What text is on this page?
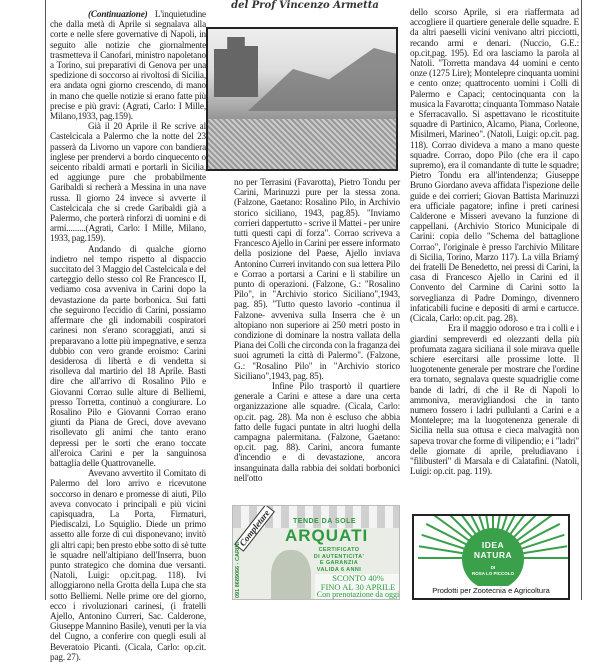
del Prof Vincenzo Armetta

(Continuazione) L'inquietudine che dalla metà di Aprile si segnalava alla corte e nelle sfere governative di Napoli, in seguito alle notizie che giornalmente trasmetteva il Canofari, ministro napoletano a Torino, sui preparativi di Genova per una spedizione di soccorso ai rivoltosi di Sicilia, era andata ogni giorno crescendo, di mano in mano che quelle notizie si erano fatte più precise e più gravi: (Agrati, Carlo: I Mille, Milano,1933, pag.159).

Già il 20 Aprile il Re scrive al Castelcicala a Palermo che la notte del 23 passerà da Livorno un vapore con bandiera inglese per prendervi a bordo cinquecento o seicento ribaldi armati e portarli in Sicilia, ed aggiunge pure che probabilmente Garibaldi si recherà a Messina in una nave russa. Il giorno 24 invece si avverte il Castelcicala che si crede Garibaldi già a Palermo, che porterà rinforzi di uomini e di armi.........(Agrati, Carlo: I Mille, Milano, 1933, pag.159).

Andando di qualche giorno indietro nel tempo rispetto al dispaccio succitato del 3 Maggio del Castelcicala e del carteggio dello stesso col Re Francesco II, vediamo cosa avveniva in Carini dopo la devastazione da parte borbonica. Sui fatti che seguirono l'eccidio di Carini, possiamo affermare che gli indomabili cospiratori carinesi non s'erano scoraggiati, anzi si preparavano a lotte più impegnative, e senza dubbio con vero grande eroismo: Carini desiderosa di libertà e di vendetta si risolleva dal martirio del 18 Aprile. Basti dire che all'arrivo di Rosalino Pilo e Giovanni Corrao sulle alture di Belliemi, presso Torretta, continuò a congiurare. Lo Rosalino Pilo e Giovanni Corrao erano giunti da Piana de Greci, dove avevano risollevato gli animi che tanto erano depressi per le sorti che erano toccate all'eroica Carini e per la sanguinosa battaglia delle Quattrovanelle.

Avevano avvertito il Comitato di Palermo del loro arrivo e ricevutone soccorso in denaro e promesse di aiuti, Pilo aveva convocato i principali e più vicini capisquadra, La Porta, Firmaturi, Piediscalzi, Lo Squiglio. Diede un primo assetto alle forze di cui disponevano; invitò gli altri capi; ben presto ebbe sotto di sè tutte le squadre nell'altipiano dell'Inserra, buon punto strategico che domina due versanti. (Natoli, Luigi: op.cit.pag. 118). Ivi alloggiarono nella Grotta della Lupa che sta sotto Belliemi. Nelle prime ore del giorno, ecco i rivoluzionari carinesi, (i fratelli Ajello, Antonino Curreri, Sac. Calderone, Giuseppe Mannino Basile), venuti per la via del Cugno, a conferire con quegli esuli al Beveratoio Picanti. (Cicala, Carlo: op.cit. pag. 27).

no per Terrasini (Favarotta), Pietro Tondu per Carini, Marinuzzi pure per la stessa zona. (Falzone, Gaetano: Rosalino Pilo, in Archivio storico siciliano, 1943, pag.85). "Inviamo corrieri dappertutto - scrive il Mattei - per unire tutti questi capi di forza". Corrao scriveva a Francesco Ajello in Carini per essere informato della posizione del Paese, Ajello inviava Antonino Curreri invitando con sua lettera Pilo e Corrao a portarsi a Carini e lì stabilire un punto di operazioni. (Falzone, G.: "Rosalino Pilo", in "Archivio storico Siciliano",1943, pag. 85). "Tutto questo lavorio -continua il Falzone- avveniva sulla Inserra che è un altopiano non superiore ai 250 metri posto in condizione di dominare la nostra vallata della Piana dei Colli che circonda con la fraganza dei suoi agrumeti la città di Palermo". (Falzone, G.: "Rosalino Pilo" in "Archivio storico Siciliano",1943, pag. 85).

Infine Pilo trasportò il quartiere generale a Carini e attese a dare una certa organizzazione alle squadre. (Cicala, Carlo: op.cit. pag. 28). Ma non è escluso che abbia fatto delle fugaci puntate in altri luoghi della campagna palermitana. (Falzone, Gaetano: op.cit. pag. 88). Carini, ancora fumante d'incendio e di devastazione, ancora insanguinata dalla rabbia dei soldati borbonici nell'otto

dello scorso Aprile, si era riaffermata ad accogliere il quartiere generale delle squadre. E da altri paeselli vicini venivano altri picciotti, recando armi e denari. (Nuccio, G.E.: op.cit,pag. 195). Ed ora lasciamo la parola al Natoli. "Torretta mandava 44 uomini e cento onze (1275 Lire); Montelepre cinquanta uomini e cento onze; quattrocento uomini i Colli di Palermo e Capaci; centocinquanta con la musica la Favarotta; cinquanta Tommaso Natale e Sferracavallo. Si aspettavano le ricostituite squadre di Partinico, Alcamo, Piana, Corleone, Misilmeri, Marineo". (Natoli, Luigi: op.cit. pag. 118). Corrao divideva a mano a mano queste squadre. Corrao, dopo Pilo (che era il capo supremo), era il comandante di tutte le squadre; Pietro Tondu era all'intendenza; Giuseppe Bruno Giordano aveva affidata l'ispezione delle guide e dei corrieri; Giovan Battista Marinuzzi era ufficiale pagatore; infine i preti carinesi Calderone e Misseri avevano la funzione di cappellani. (Archivio Storico Municipale di Carini: copia dello "Schema del battaglione Corrao", l'originale è presso l'archivio Militare di Sicilia, Torino, Marzo 117). La villa Briamý dei fratelli De Benedetto, nei pressi di Carini, la casa di Francesco Ajello in Carini ed il Convento del Carmine di Carini sotto la sorveglianza di Padre Domingo, divennero infaticabili fucine e depositi di armi e cartucce. (Cicala, Carlo: op.cit. pag. 28).

Era il maggio odoroso e tra i colli e i giardini sempreverdi ed olezzanti della più profumata zagara siciliana il sole mirava quelle schiere esercitarsi alle prossime lotte. Il luogotenente generale per mostrare che l'ordine era tornato, segnalava queste squadriglie come bande di ladri, di che il Re di Napoli lo ammoniva, meravigliandosi che in tanto numero fossero i ladri pullulanti a Carini e a Montelepre; ma la luogotenenza generale di Sicilia nella sua ottusa e cieca malvagità non sapeva trovar che forme di vilipendio; e i "ladri" delle giornate di aprile, preludiavano i "filibusteri" di Marsala e di Calatafini. (Natoli, Luigi: op.cit. pag. 119).

Completare
091 8689066 - CARINI
TENDE DA SOLE
ARQUATI
CERTIFICATO
DI AUTENTICITA'
E GARANZIA
VALIDA 6 ANNI
SCONTO 40%
FINO AL 30 APRILE
Con prenotazione da oggi
IDEA NATURA
DI
ROSA LO PICCOLO
Prodotti per Zootecnia e Agricoltura
